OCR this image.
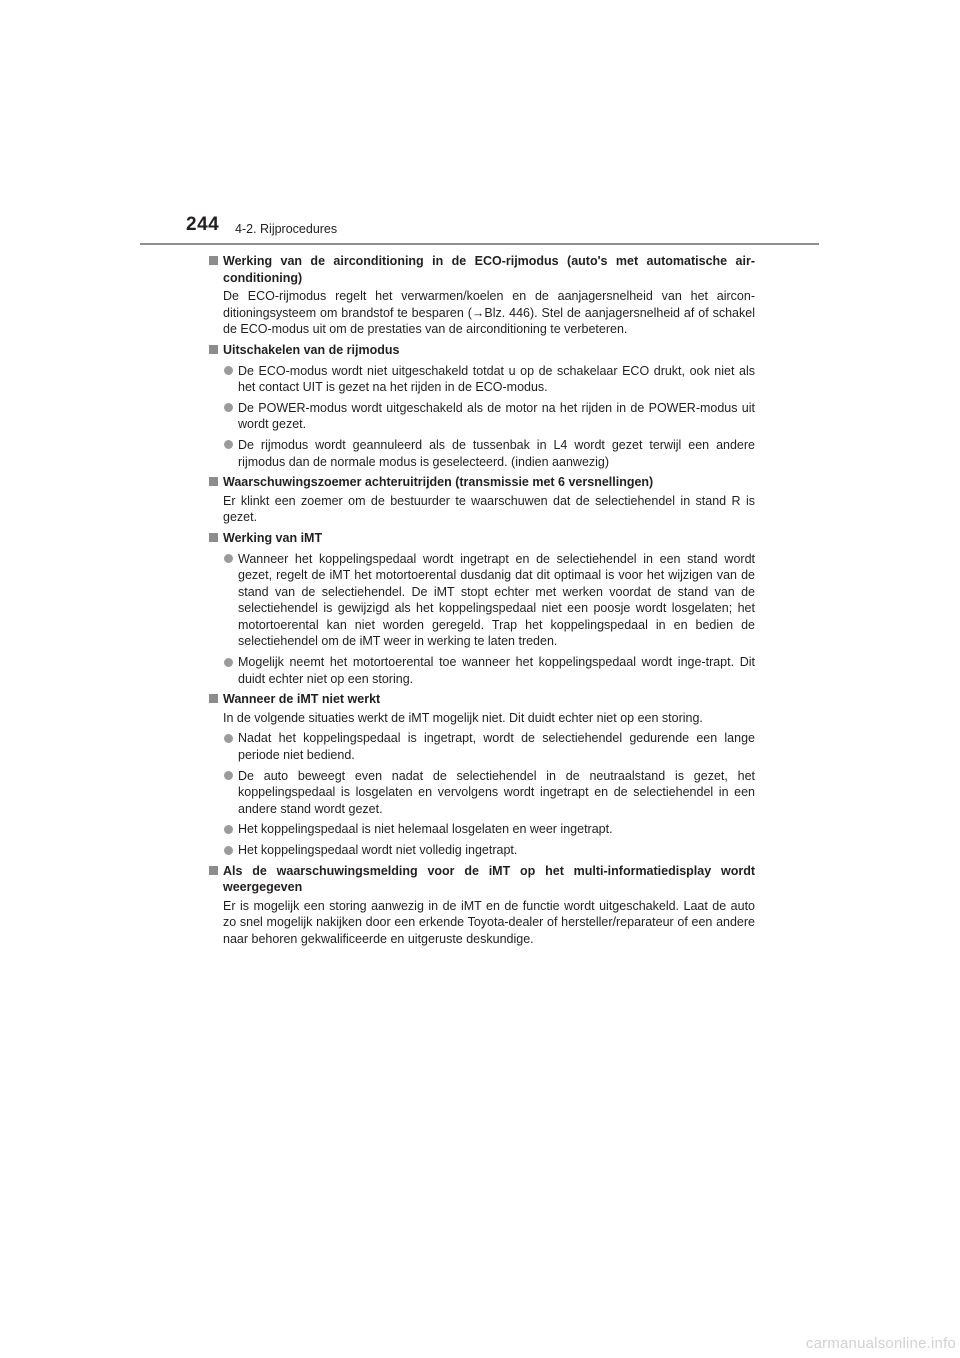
244 4-2. Rijprocedures
Werking van de airconditioning in de ECO-rijmodus (auto's met automatische air-conditioning)
De ECO-rijmodus regelt het verwarmen/koelen en de aanjagersnelheid van het aircon-ditioningsysteem om brandstof te besparen (→Blz. 446). Stel de aanjagersnelheid af of schakel de ECO-modus uit om de prestaties van de airconditioning te verbeteren.
Uitschakelen van de rijmodus
De ECO-modus wordt niet uitgeschakeld totdat u op de schakelaar ECO drukt, ook niet als het contact UIT is gezet na het rijden in de ECO-modus.
De POWER-modus wordt uitgeschakeld als de motor na het rijden in de POWER-modus uit wordt gezet.
De rijmodus wordt geannuleerd als de tussenbak in L4 wordt gezet terwijl een andere rijmodus dan de normale modus is geselecteerd. (indien aanwezig)
Waarschuwingszoemer achteruitrijden (transmissie met 6 versnellingen)
Er klinkt een zoemer om de bestuurder te waarschuwen dat de selectiehendel in stand R is gezet.
Werking van iMT
Wanneer het koppelingspedaal wordt ingetrapt en de selectiehendel in een stand wordt gezet, regelt de iMT het motortoerental dusdanig dat dit optimaal is voor het wijzigen van de stand van de selectiehendel. De iMT stopt echter met werken voordat de stand van de selectiehendel is gewijzigd als het koppelingspedaal niet een poosje wordt losgelaten; het motortoerental kan niet worden geregeld. Trap het koppelingspedaal in en bedien de selectiehendel om de iMT weer in werking te laten treden.
Mogelijk neemt het motortoerental toe wanneer het koppelingspedaal wordt inge-trapt. Dit duidt echter niet op een storing.
Wanneer de iMT niet werkt
In de volgende situaties werkt de iMT mogelijk niet. Dit duidt echter niet op een storing.
Nadat het koppelingspedaal is ingetrapt, wordt de selectiehendel gedurende een lange periode niet bediend.
De auto beweegt even nadat de selectiehendel in de neutraalstand is gezet, het koppelingspedaal is losgelaten en vervolgens wordt ingetrapt en de selectiehendel in een andere stand wordt gezet.
Het koppelingspedaal is niet helemaal losgelaten en weer ingetrapt.
Het koppelingspedaal wordt niet volledig ingetrapt.
Als de waarschuwingsmelding voor de iMT op het multi-informatiedisplay wordt weergegeven
Er is mogelijk een storing aanwezig in de iMT en de functie wordt uitgeschakeld. Laat de auto zo snel mogelijk nakijken door een erkende Toyota-dealer of hersteller/reparateur of een andere naar behoren gekwalificeerde en uitgeruste deskundige.
carmanualsonline.info
